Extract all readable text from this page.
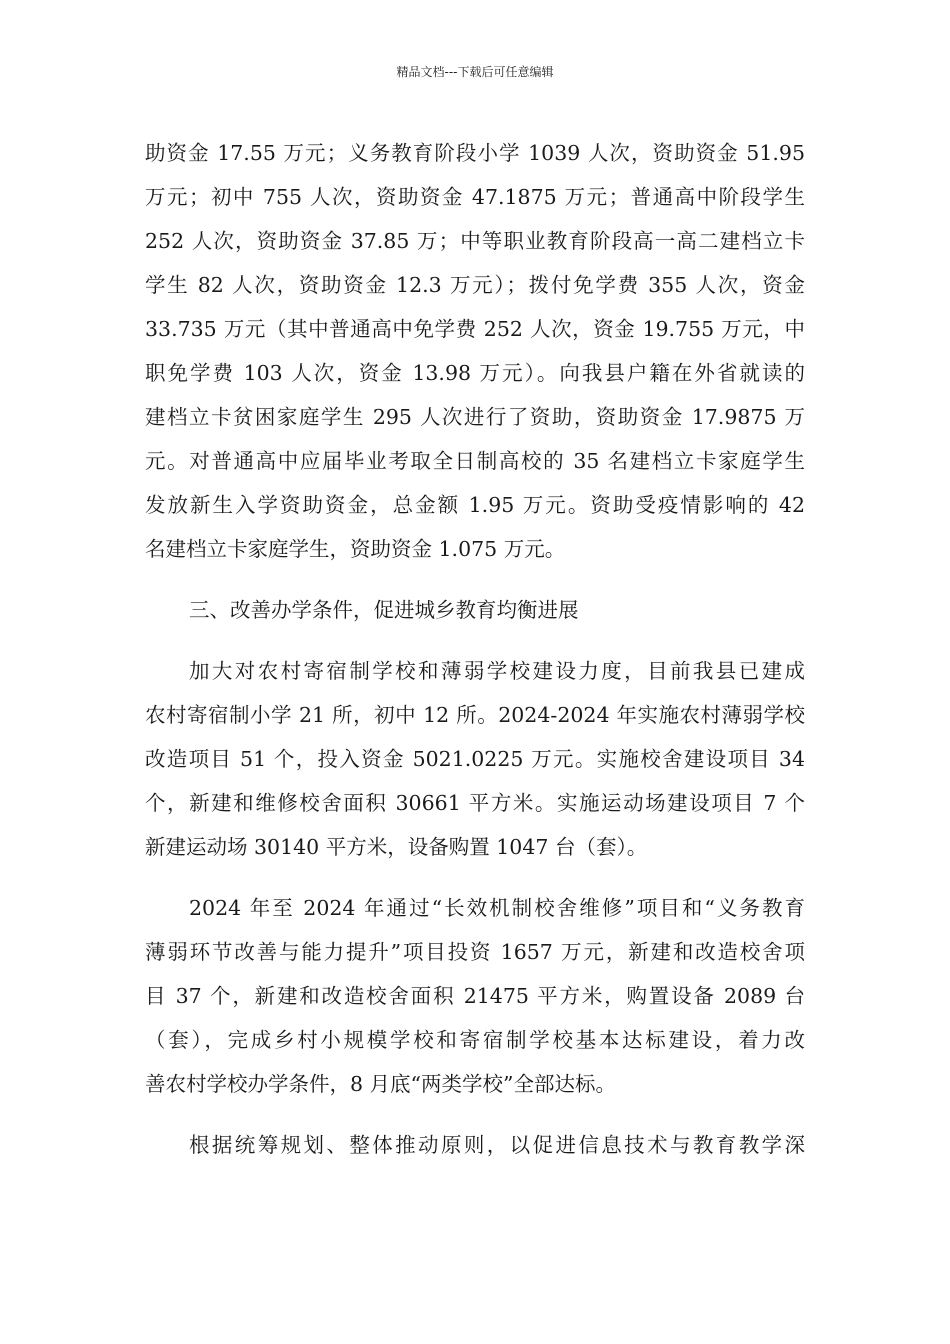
精品文档---下载后可任意编辑
助资金 17.55 万元；义务教育阶段小学 1039 人次，资助资金 51.95
万元；初中 755 人次，资助资金 47.1875 万元；普通高中阶段学生
252 人次，资助资金 37.85 万；中等职业教育阶段高一高二建档立卡
学生 82 人次，资助资金 12.3 万元）；拨付免学费 355 人次，资金
33.735 万元（其中普通高中免学费 252 人次，资金 19.755 万元，中
职免学费 103 人次，资金 13.98 万元）。向我县户籍在外省就读的
建档立卡贫困家庭学生 295 人次进行了资助，资助资金 17.9875 万
元。对普通高中应届毕业考取全日制高校的 35 名建档立卡家庭学生
发放新生入学资助资金，总金额 1.95 万元。资助受疫情影响的 42
名建档立卡家庭学生，资助资金 1.075 万元。
三、改善办学条件，促进城乡教育均衡进展
加大对农村寄宿制学校和薄弱学校建设力度，目前我县已建成
农村寄宿制小学 21 所，初中 12 所。2024-2024 年实施农村薄弱学校
改造项目 51 个，投入资金 5021.0225 万元。实施校舍建设项目 34
个，新建和维修校舍面积 30661 平方米。实施运动场建设项目 7 个
新建运动场 30140 平方米，设备购置 1047 台（套）。
2024 年至 2024 年通过“长效机制校舍维修”项目和“义务教育
薄弱环节改善与能力提升”项目投资 1657 万元，新建和改造校舍项
目 37 个，新建和改造校舍面积 21475 平方米，购置设备 2089 台
（套），完成乡村小规模学校和寄宿制学校基本达标建设，着力改
善农村学校办学条件，8 月底“两类学校”全部达标。
根据统筹规划、整体推动原则，以促进信息技术与教育教学深
